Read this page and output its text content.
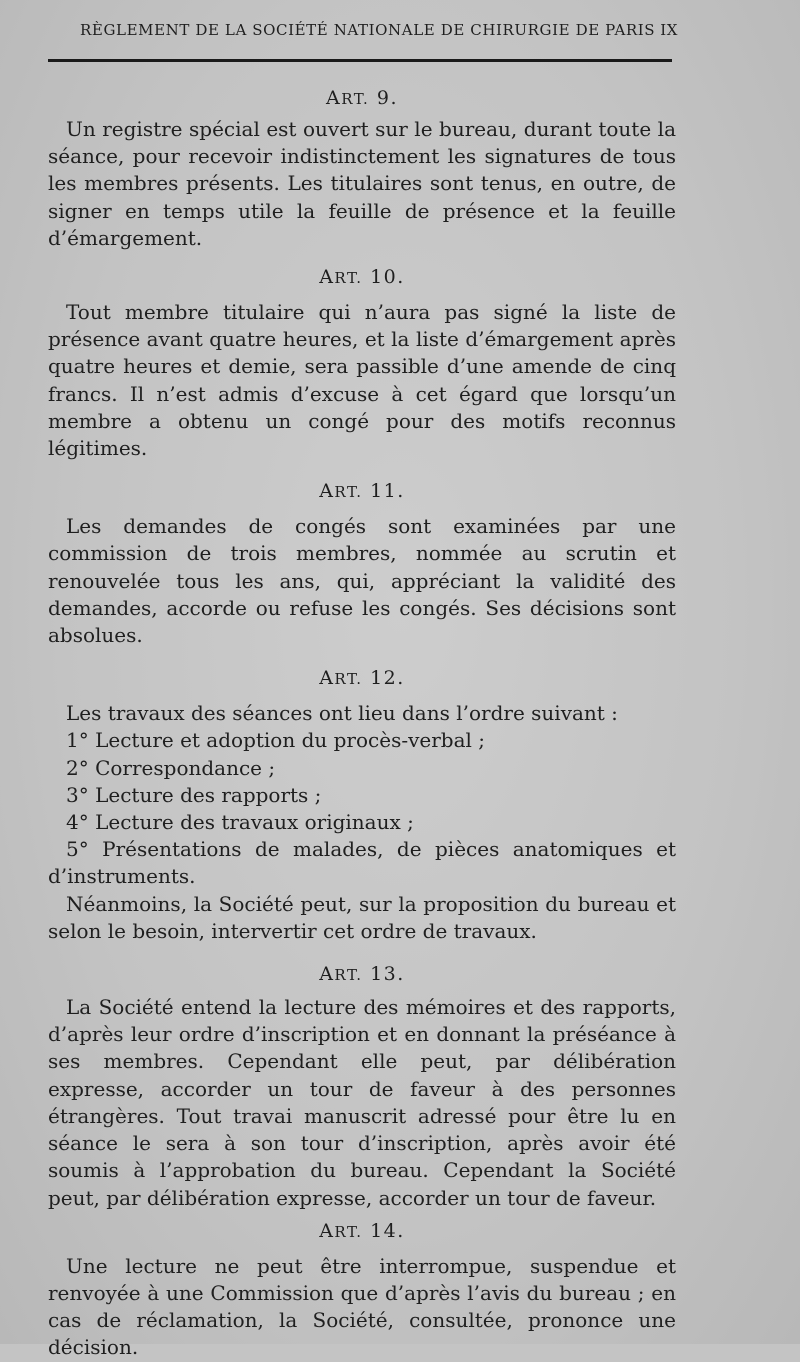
RÈGLEMENT DE LA SOCIÉTÉ NATIONALE DE CHIRURGIE DE PARIS IX
ART. 9.

Un registre spécial est ouvert sur le bureau, durant toute la séance, pour recevoir indistinctement les signatures de tous les membres présents. Les titulaires sont tenus, en outre, de signer en temps utile la feuille de présence et la feuille d’émargement.

ART. 10.

Tout membre titulaire qui n’aura pas signé la liste de présence avant quatre heures, et la liste d’émargement après quatre heures et demie, sera passible d’une amende de cinq francs. Il n’est admis d’excuse à cet égard que lorsqu’un membre a obtenu un congé pour des motifs reconnus légitimes.

ART. 11.

Les demandes de congés sont examinées par une commission de trois membres, nommée au scrutin et renouvelée tous les ans, qui, appréciant la validité des demandes, accorde ou refuse les congés. Ses décisions sont absolues.

ART. 12.

Les travaux des séances ont lieu dans l’ordre suivant :

1° Lecture et adoption du procès-verbal ;

2° Correspondance ;

3° Lecture des rapports ;

4° Lecture des travaux originaux ;

5° Présentations de malades, de pièces anatomiques et d’instruments.

Néanmoins, la Société peut, sur la proposition du bureau et selon le besoin, intervertir cet ordre de travaux.

ART. 13.

La Société entend la lecture des mémoires et des rapports, d’après leur ordre d’inscription et en donnant la préséance à ses membres. Cependant elle peut, par délibération expresse, accorder un tour de faveur à des personnes étrangères. Tout travai manuscrit adressé pour être lu en séance le sera à son tour d’inscription, après avoir été soumis à l’approbation du bureau. Cependant la Société peut, par délibération expresse, accorder un tour de faveur.

ART. 14.

Une lecture ne peut être interrompue, suspendue et renvoyée à une Commission que d’après l’avis du bureau ; en cas de réclamation, la Société, consultée, prononce une décision.
